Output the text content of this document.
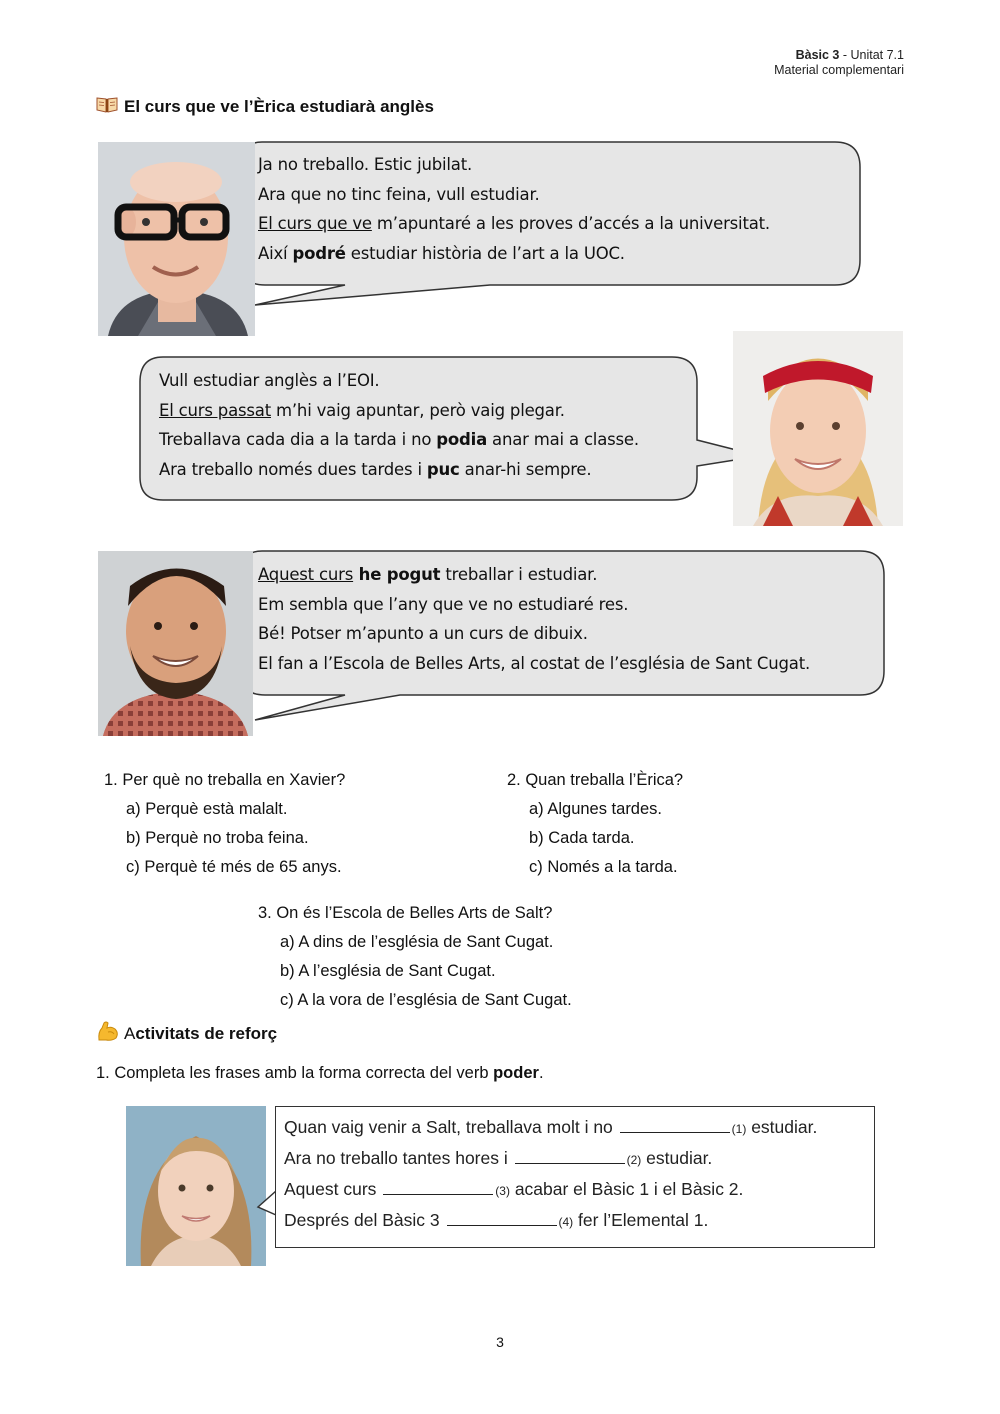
Bàsic 3 - Unitat 7.1
Material complementari
El curs que ve l’Èrica estudiarà anglès
Ja no treballo. Estic jubilat.
Ara que no tinc feina, vull estudiar.
El curs que ve m’apuntaré a les proves d’accés a la universitat.
Així podré estudiar història de l’art a la UOC.
Vull estudiar anglès a l’EOI.
El curs passat m’hi vaig apuntar, però vaig plegar.
Treballava cada dia a la tarda i no podia anar mai a classe.
Ara treballo només dues tardes i puc anar-hi sempre.
Aquest curs he pogut treballar i estudiar.
Em sembla que l’any que ve no estudiaré res.
Bé! Potser m’apunto a un curs de dibuix.
El fan a l’Escola de Belles Arts, al costat de l’església de Sant Cugat.
1. Per què no treballa en Xavier?
a) Perquè està malalt.
b) Perquè no troba feina.
c) Perquè té més de 65 anys.
2. Quan treballa l’Èrica?
a) Algunes tardes.
b) Cada tarda.
c) Només a la tarda.
3. On és l’Escola de Belles Arts de Salt?
a) A dins de l’església de Sant Cugat.
b) A l’església de Sant Cugat.
c) A la vora de l’església de Sant Cugat.
Activitats de reforç
1. Completa les frases amb la forma correcta del verb poder.
Quan vaig venir a Salt, treballava molt i no	(1) estudiar.
Ara no treballo tantes hores i	(2) estudiar.
Aquest curs	(3) acabar el Bàsic 1 i el Bàsic 2.
Després del Bàsic 3	(4) fer l’Elemental 1.
3
